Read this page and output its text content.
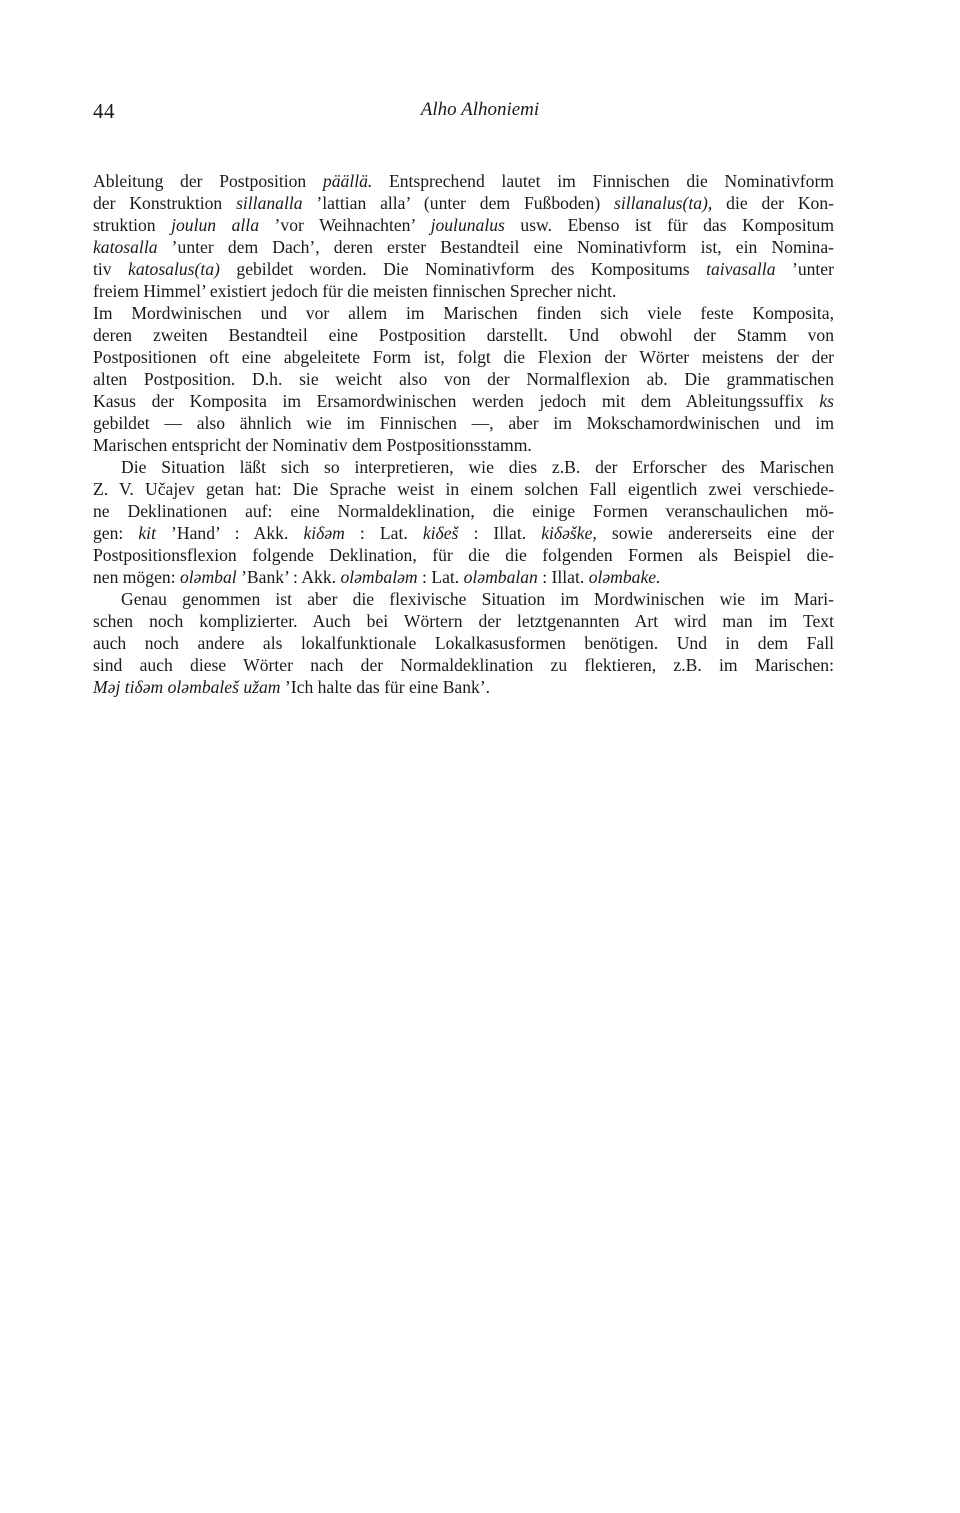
44	Alho Alhoniemi
Ableitung der Postposition päällä. Entsprechend lautet im Finnischen die Nominativform
der Konstruktion sillanalla ’lattian alla’ (unter dem Fußboden) sillanalus(ta), die der Kon-
struktion joulun alla ’vor Weihnachten’ joulunalus usw. Ebenso ist für das Kompositum
katosalla ’unter dem Dach’, deren erster Bestandteil eine Nominativform ist, ein Nomina-
tiv katosalus(ta) gebildet worden. Die Nominativform des Kompositums taivasalla ’unter
freiem Himmel’ existiert jedoch für die meisten finnischen Sprecher nicht.
Im Mordwinischen und vor allem im Marischen finden sich viele feste Komposita,
deren zweiten Bestandteil eine Postposition darstellt. Und obwohl der Stamm von
Postpositionen oft eine abgeleitete Form ist, folgt die Flexion der Wörter meistens der der
alten Postposition. D.h. sie weicht also von der Normalflexion ab. Die grammatischen
Kasus der Komposita im Ersamordwinischen werden jedoch mit dem Ableitungssuffix ks
gebildet — also ähnlich wie im Finnischen —, aber im Mokschamordwinischen und im
Marischen entspricht der Nominativ dem Postpositionsstamm.
Die Situation läßt sich so interpretieren, wie dies z.B. der Erforscher des Marischen
Z. V. Učajev getan hat: Die Sprache weist in einem solchen Fall eigentlich zwei verschiede-
ne Deklinationen auf: eine Normaldeklination, die einige Formen veranschaulichen mö-
gen: kit ’Hand’ : Akk. kiδəm : Lat. kiδeš : Illat. kiδəške, sowie andererseits eine der
Postpositionsflexion folgende Deklination, für die die folgenden Formen als Beispiel die-
nen mögen: oləmbal ’Bank’ : Akk. oləmbaləm : Lat. oləmbalan : Illat. oləmbake.
Genau genommen ist aber die flexivische Situation im Mordwinischen wie im Mari-
schen noch komplizierter. Auch bei Wörtern der letztgenannten Art wird man im Text
auch noch andere als lokalfunktionale Lokalkasusformen benötigen. Und in dem Fall
sind auch diese Wörter nach der Normaldeklination zu flektieren, z.B. im Marischen:
Məj tiδəm oləmbaleš užam ’Ich halte das für eine Bank’.
